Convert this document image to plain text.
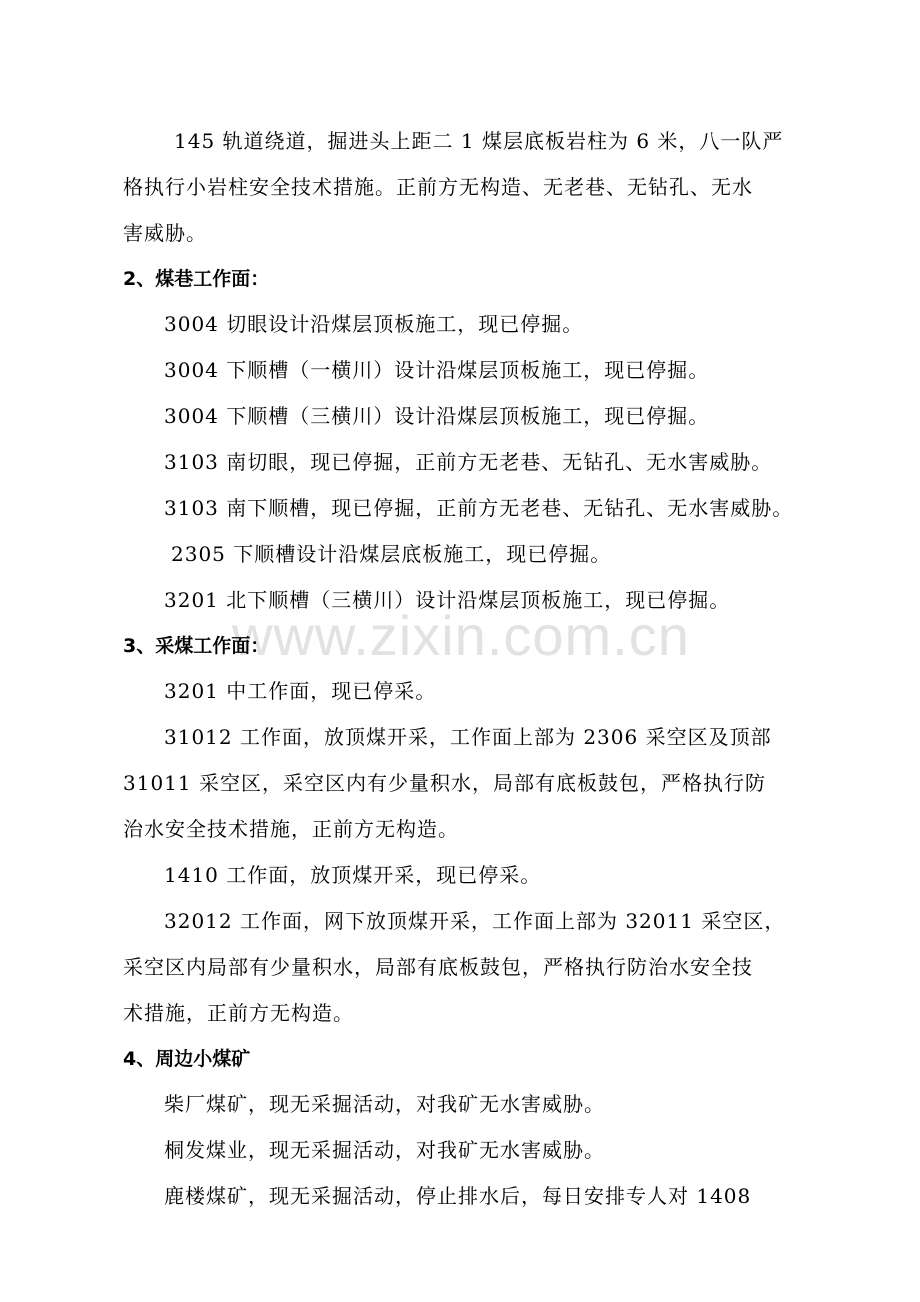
www.zixin.com.cn
145 轨道绕道，掘进头上距二 1 煤层底板岩柱为 6 米，八一队严
格执行小岩柱安全技术措施。正前方无构造、无老巷、无钻孔、无水
害威胁。
2、煤巷工作面：
3004 切眼设计沿煤层顶板施工，现已停掘。
3004 下顺槽（一横川）设计沿煤层顶板施工，现已停掘。
3004 下顺槽（三横川）设计沿煤层顶板施工，现已停掘。
3103 南切眼，现已停掘，正前方无老巷、无钻孔、无水害威胁。
3103 南下顺槽，现已停掘，正前方无老巷、无钻孔、无水害威胁。
2305 下顺槽设计沿煤层底板施工，现已停掘。
3201 北下顺槽（三横川）设计沿煤层顶板施工，现已停掘。
3、采煤工作面：
3201 中工作面，现已停采。
31012 工作面，放顶煤开采，工作面上部为 2306 采空区及顶部
31011 采空区，采空区内有少量积水，局部有底板鼓包，严格执行防
治水安全技术措施，正前方无构造。
1410 工作面，放顶煤开采，现已停采。
32012 工作面，网下放顶煤开采，工作面上部为 32011 采空区，
采空区内局部有少量积水，局部有底板鼓包，严格执行防治水安全技
术措施，正前方无构造。
4、周边小煤矿
柴厂煤矿，现无采掘活动，对我矿无水害威胁。
桐发煤业，现无采掘活动，对我矿无水害威胁。
鹿楼煤矿，现无采掘活动，停止排水后，每日安排专人对 1408
